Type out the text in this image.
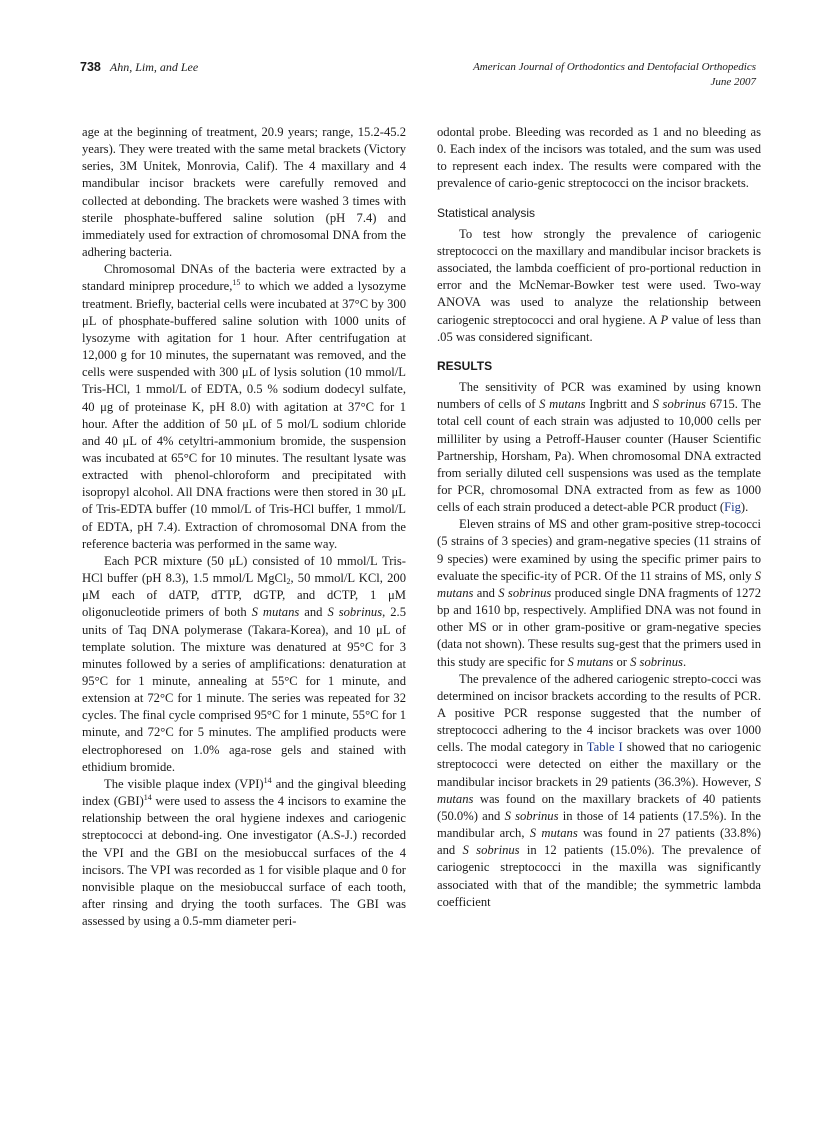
738 Ahn, Lim, and Lee	American Journal of Orthodontics and Dentofacial Orthopedics
June 2007

age at the beginning of treatment, 20.9 years; range, 15.2-45.2 years). They were treated with the same metal brackets (Victory series, 3M Unitek, Monrovia, Calif). The 4 maxillary and 4 mandibular incisor brackets were carefully removed and collected at debonding. The brackets were washed 3 times with sterile phosphate-buffered saline solution (pH 7.4) and immediately used for extraction of chromosomal DNA from the adhering bacteria.

Chromosomal DNAs of the bacteria were extracted by a standard miniprep procedure,$^{15}$ to which we added a lysozyme treatment. Briefly, bacterial cells were incubated at 37°C by 300 μL of phosphate-buffered saline solution with 1000 units of lysozyme with agitation for 1 hour. After centrifugation at 12,000 g for 10 minutes, the supernatant was removed, and the cells were suspended with 300 μL of lysis solution (10 mmol/L Tris-HCl, 1 mmol/L of EDTA, 0.5 % sodium dodecyl sulfate, 40 μg of proteinase K, pH 8.0) with agitation at 37°C for 1 hour. After the addition of 50 μL of 5 mol/L sodium chloride and 40 μL of 4% cetyltri-ammonium bromide, the suspension was incubated at 65°C for 10 minutes. The resultant lysate was extracted with phenol-chloroform and precipitated with isopropyl alcohol. All DNA fractions were then stored in 30 μL of Tris-EDTA buffer (10 mmol/L of Tris-HCl buffer, 1 mmol/L of EDTA, pH 7.4). Extraction of chromosomal DNA from the reference bacteria was performed in the same way.

Each PCR mixture (50 μL) consisted of 10 mmol/L Tris-HCl buffer (pH 8.3), 1.5 mmol/L MgCl$_2$, 50 mmol/L KCl, 200 μM each of dATP, dTTP, dGTP, and dCTP, 1 μM oligonucleotide primers of both S mutans and S sobrinus, 2.5 units of Taq DNA polymerase (Takara-Korea), and 10 μL of template solution. The mixture was denatured at 95°C for 3 minutes followed by a series of amplifications: denaturation at 95°C for 1 minute, annealing at 55°C for 1 minute, and extension at 72°C for 1 minute. The series was repeated for 32 cycles. The final cycle comprised 95°C for 1 minute, 55°C for 1 minute, and 72°C for 5 minutes. The amplified products were electrophoresed on 1.0% aga-rose gels and stained with ethidium bromide.

The visible plaque index (VPI)$^{14}$ and the gingival bleeding index (GBI)$^{14}$ were used to assess the 4 incisors to examine the relationship between the oral hygiene indexes and cariogenic streptococci at debond-ing. One investigator (A.S-J.) recorded the VPI and the GBI on the mesiobuccal surfaces of the 4 incisors. The VPI was recorded as 1 for visible plaque and 0 for nonvisible plaque on the mesiobuccal surface of each tooth, after rinsing and drying the tooth surfaces. The GBI was assessed by using a 0.5-mm diameter peri-

odontal probe. Bleeding was recorded as 1 and no bleeding as 0. Each index of the incisors was totaled, and the sum was used to represent each index. The results were compared with the prevalence of cario-genic streptococci on the incisor brackets.

Statistical analysis

To test how strongly the prevalence of cariogenic streptococci on the maxillary and mandibular incisor brackets is associated, the lambda coefficient of pro-portional reduction in error and the McNemar-Bowker test were used. Two-way ANOVA was used to analyze the relationship between cariogenic streptococci and oral hygiene. A P value of less than .05 was considered significant.

RESULTS

The sensitivity of PCR was examined by using known numbers of cells of S mutans Ingbritt and S sobrinus 6715. The total cell count of each strain was adjusted to 10,000 cells per milliliter by using a Petroff-Hauser counter (Hauser Scientific Partnership, Horsham, Pa). When chromosomal DNA extracted from serially diluted cell suspensions was used as the template for PCR, chromosomal DNA extracted from as few as 1000 cells of each strain produced a detect-able PCR product (Fig).

Eleven strains of MS and other gram-positive strep-tococci (5 strains of 3 species) and gram-negative species (11 strains of 9 species) were examined by using the specific primer pairs to evaluate the specific-ity of PCR. Of the 11 strains of MS, only S mutans and S sobrinus produced single DNA fragments of 1272 bp and 1610 bp, respectively. Amplified DNA was not found in other MS or in other gram-positive or gram-negative species (data not shown). These results sug-gest that the primers used in this study are specific for S mutans or S sobrinus.

The prevalence of the adhered cariogenic strepto-cocci was determined on incisor brackets according to the results of PCR. A positive PCR response suggested that the number of streptococci adhering to the 4 incisor brackets was over 1000 cells. The modal category in Table I showed that no cariogenic streptococci were detected on either the maxillary or the mandibular incisor brackets in 29 patients (36.3%). However, S mutans was found on the maxillary brackets of 40 patients (50.0%) and S sobrinus in those of 14 patients (17.5%). In the mandibular arch, S mutans was found in 27 patients (33.8%) and S sobrinus in 12 patients (15.0%). The prevalence of cariogenic streptococci in the maxilla was significantly associated with that of the mandible; the symmetric lambda coefficient
